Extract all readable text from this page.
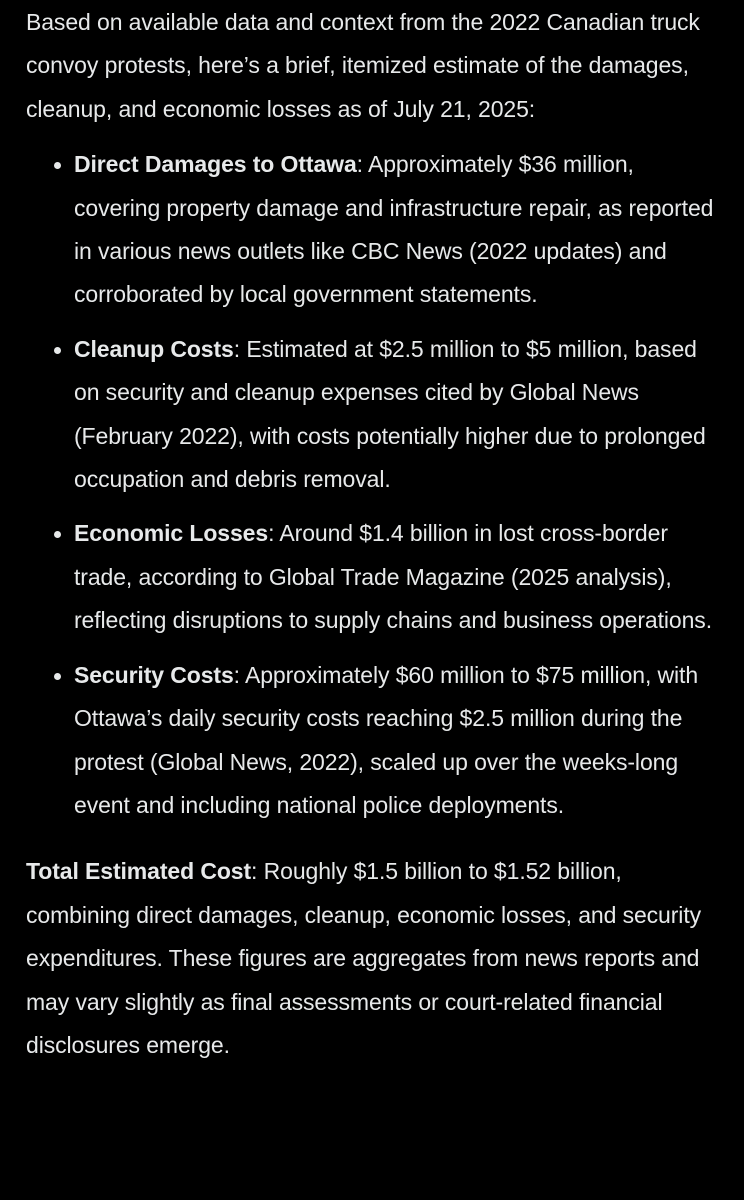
Based on available data and context from the 2022 Canadian truck convoy protests, here’s a brief, itemized estimate of the damages, cleanup, and economic losses as of July 21, 2025:

Direct Damages to Ottawa: Approximately $36 million, covering property damage and infrastructure repair, as reported in various news outlets like CBC News (2022 updates) and corroborated by local government statements.
Cleanup Costs: Estimated at $2.5 million to $5 million, based on security and cleanup expenses cited by Global News (February 2022), with costs potentially higher due to prolonged occupation and debris removal.
Economic Losses: Around $1.4 billion in lost cross-border trade, according to Global Trade Magazine (2025 analysis), reflecting disruptions to supply chains and business operations.
Security Costs: Approximately $60 million to $75 million, with Ottawa’s daily security costs reaching $2.5 million during the protest (Global News, 2022), scaled up over the weeks-long event and including national police deployments.

Total Estimated Cost: Roughly $1.5 billion to $1.52 billion, combining direct damages, cleanup, economic losses, and security expenditures. These figures are aggregates from news reports and may vary slightly as final assessments or court-related financial disclosures emerge.
